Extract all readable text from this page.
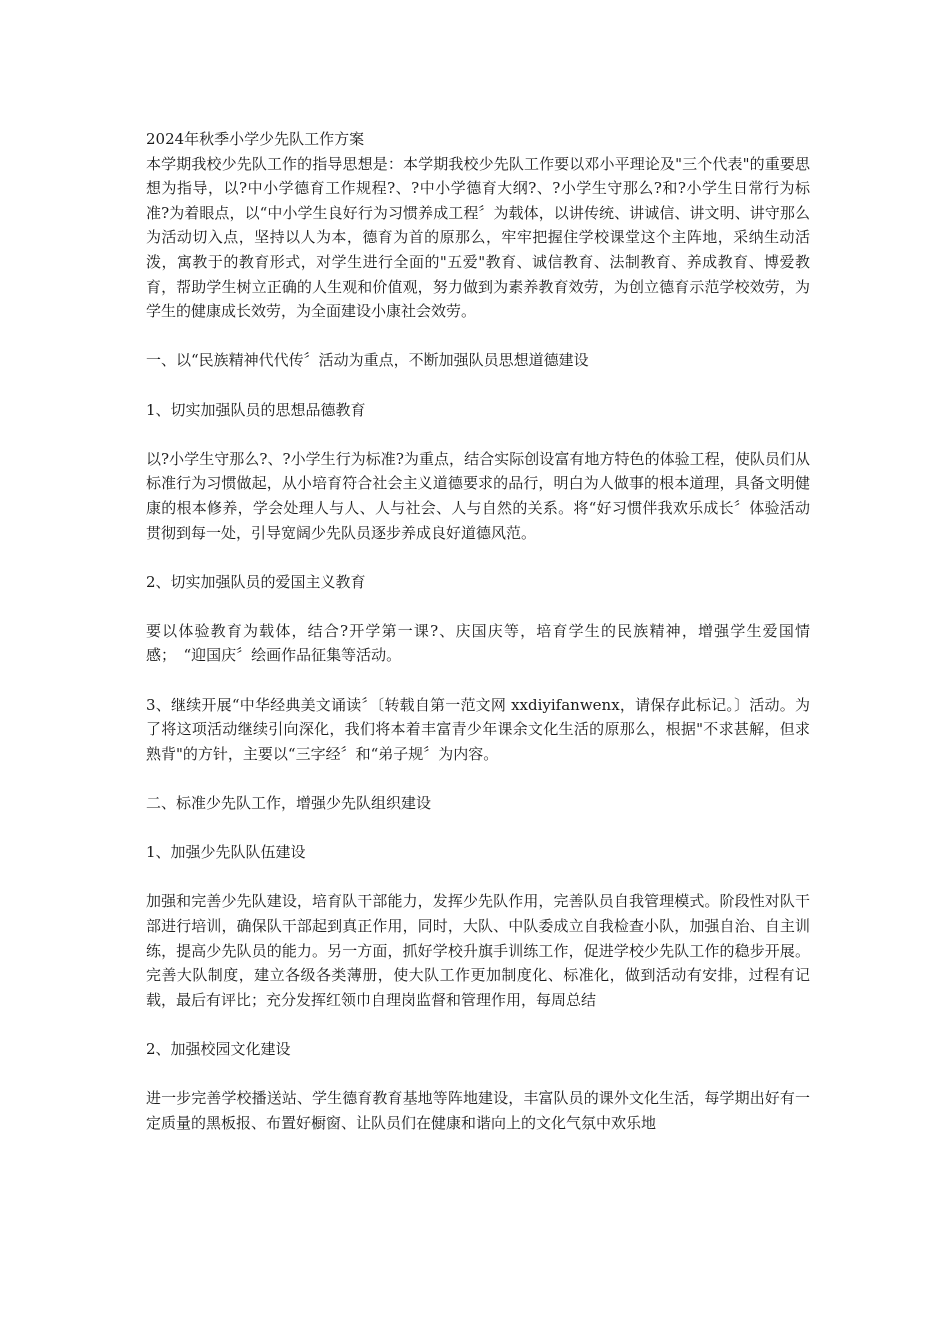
2024年秋季小学少先队工作方案

本学期我校少先队工作的指导思想是：本学期我校少先队工作要以邓小平理论及"三个代表"的重要思想为指导，以?中小学德育工作规程?、?中小学德育大纲?、?小学生守那么?和?小学生日常行为标准?为着眼点，以“中小学生良好行为习惯养成工程〞为载体，以讲传统、讲诚信、讲文明、讲守那么为活动切入点，坚持以人为本，德育为首的原那么，牢牢把握住学校课堂这个主阵地，采纳生动活泼，寓教于的教育形式，对学生进行全面的"五爱"教育、诚信教育、法制教育、养成教育、博爱教育，帮助学生树立正确的人生观和价值观，努力做到为素养教育效劳，为创立德育示范学校效劳，为学生的健康成长效劳，为全面建设小康社会效劳。

一、以“民族精神代代传〞活动为重点，不断加强队员思想道德建设

1、切实加强队员的思想品德教育

以?小学生守那么?、?小学生行为标准?为重点，结合实际创设富有地方特色的体验工程，使队员们从标准行为习惯做起，从小培育符合社会主义道德要求的品行，明白为人做事的根本道理，具备文明健康的根本修养，学会处理人与人、人与社会、人与自然的关系。将“好习惯伴我欢乐成长〞体验活动贯彻到每一处，引导宽阔少先队员逐步养成良好道德风范。

2、切实加强队员的爱国主义教育

要以体验教育为载体，结合?开学第一课?、庆国庆等，培育学生的民族精神，增强学生爱国情感；　“迎国庆〞绘画作品征集等活动。

3、继续开展“中华经典美文诵读〞〔转载自第一范文网 xxdiyifanwenx，请保存此标记。〕活动。为了将这项活动继续引向深化，我们将本着丰富青少年课余文化生活的原那么，根据"不求甚解，但求熟背"的方针，主要以“三字经〞和“弟子规〞为内容。

二、标准少先队工作，增强少先队组织建设

1、加强少先队队伍建设

加强和完善少先队建设，培育队干部能力，发挥少先队作用，完善队员自我管理模式。阶段性对队干部进行培训，确保队干部起到真正作用，同时，大队、中队委成立自我检查小队，加强自治、自主训练，提高少先队员的能力。另一方面，抓好学校升旗手训练工作，促进学校少先队工作的稳步开展。完善大队制度，建立各级各类薄册，使大队工作更加制度化、标准化，做到活动有安排，过程有记载，最后有评比；充分发挥红领巾自理岗监督和管理作用，每周总结

2、加强校园文化建设

进一步完善学校播送站、学生德育教育基地等阵地建设，丰富队员的课外文化生活，每学期出好有一定质量的黑板报、布置好橱窗、让队员们在健康和谐向上的文化气氛中欢乐地
